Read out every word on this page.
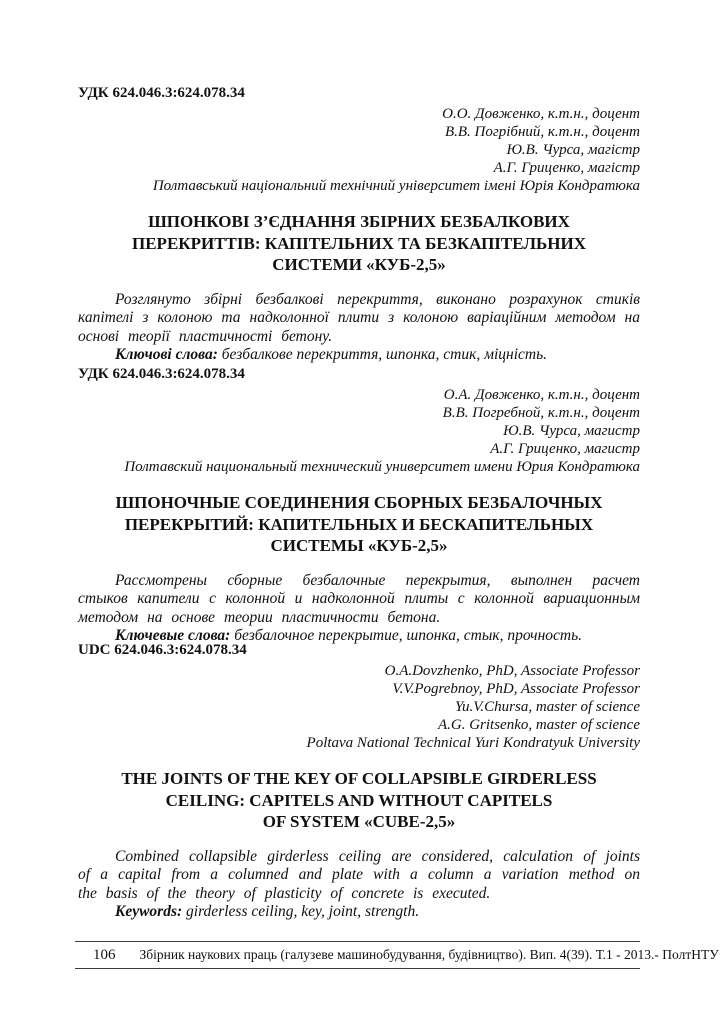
УДК 624.046.3:624.078.34
О.О. Довженко, к.т.н., доцент
В.В. Погрібний, к.т.н., доцент
Ю.В. Чурса, магістр
А.Г. Гриценко, магістр
Полтавський національний технічний університет імені Юрія Кондратюка
ШПОНКОВІ З’ЄДНАННЯ ЗБІРНИХ БЕЗБАЛКОВИХ
ПЕРЕКРИТТІВ: КАПІТЕЛЬНИХ ТА БЕЗКАПІТЕЛЬНИХ
СИСТЕМИ «КУБ-2,5»

Розглянуто збірні безбалкові перекриття, виконано розрахунок стиків капітелі з колоною та надколонної плити з колоною варіаційним методом на основі теорії пластичності бетону.

Ключові слова: безбалкове перекриття, шпонка, стик, міцність.

УДК 624.046.3:624.078.34
О.А. Довженко, к.т.н., доцент
В.В. Погребной, к.т.н., доцент
Ю.В. Чурса, магистр
А.Г. Гриценко, магистр
Полтавский национальный технический университет имени Юрия Кондратюка
ШПОНОЧНЫЕ СОЕДИНЕНИЯ СБОРНЫХ БЕЗБАЛОЧНЫХ
ПЕРЕКРЫТИЙ: КАПИТЕЛЬНЫХ И БЕСКАПИТЕЛЬНЫХ
СИСТЕМЫ «КУБ-2,5»

Рассмотрены сборные безбалочные перекрытия, выполнен расчет стыков капители с колонной и надколонной плиты с колонной вариационным методом на основе теории пластичности бетона.

Ключевые слова: безбалочное перекрытие, шпонка, стык, прочность.

UDC 624.046.3:624.078.34
O.A.Dovzhenko, PhD, Associate Professor
V.V.Pogrebnoy, PhD, Associate Professor
Yu.V.Chursa, master of science
A.G. Gritsenko, master of science
Poltava National Technical Yuri Kondratyuk University
THE JOINTS OF THE KEY OF COLLAPSIBLE GIRDERLESS
CEILING: CAPITELS AND WITHOUT CAPITELS
OF SYSTEM «CUBE-2,5»

Combined collapsible girderless ceiling are considered, calculation of joints of a capital from a columned and plate with a column a variation method on the basis of the theory of plasticity of concrete is executed.

Keywords: girderless ceiling, key, joint, strength.

106 Збірник наукових праць (галузеве машинобудування, будівництво). Вип. 4(39). Т.1 - 2013.- ПолтНТУ
